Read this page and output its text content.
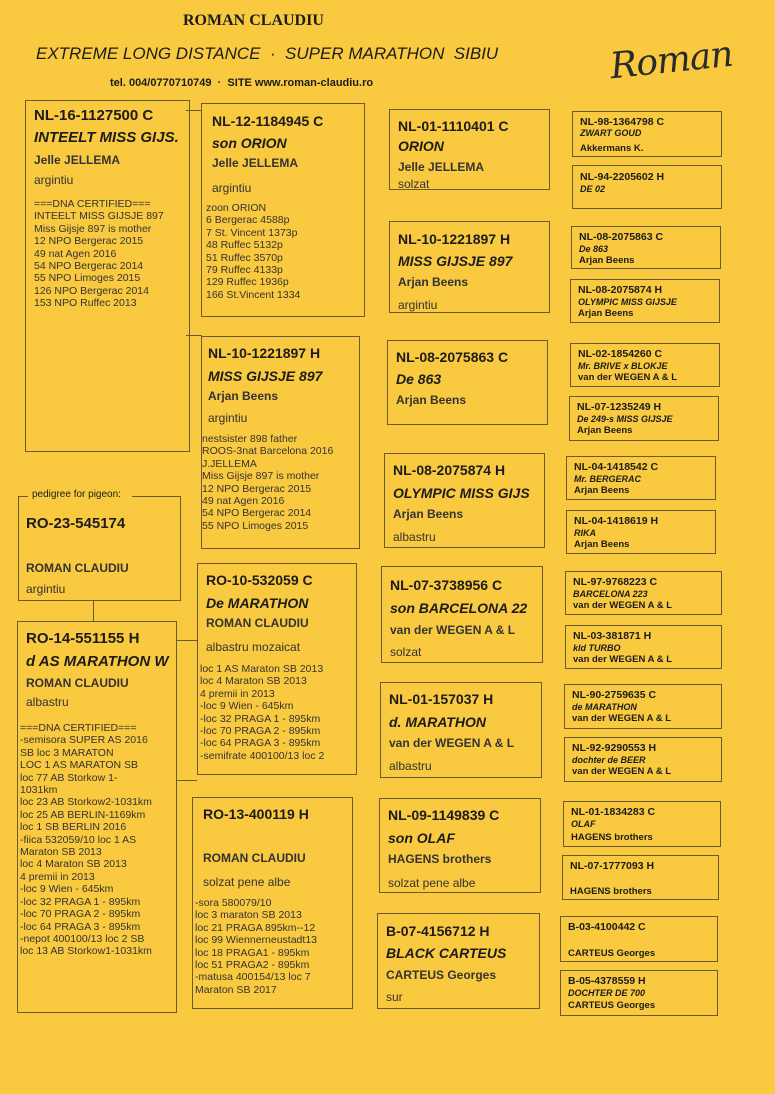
ROMAN CLAUDIU
EXTREME LONG DISTANCE  ·  SUPER MARATHON  SIBIU
tel. 004/0770710749  ·  SITE www.roman-claudiu.ro	Roman
NL-16-1127500 C
INTEELT MISS GIJS.
Jelle JELLEMA
argintiu
===DNA CERTIFIED===
INTEELT MISS GIJSJE 897
Miss Gijsje 897 is mother
12 NPO Bergerac 2015
49 nat Agen 2016
54 NPO Bergerac 2014
55 NPO Limoges 2015
126 NPO Bergerac 2014
153 NPO Ruffec 2013
pedigree for pigeon:
RO-23-545174
ROMAN CLAUDIU
argintiu
RO-14-551155 H
d AS MARATHON W
ROMAN CLAUDIU
albastru
===DNA CERTIFIED===
-semisora SUPER AS 2016
SB loc 3 MARATON
LOC 1 AS MARATON SB
loc 77 AB Storkow 1-
1031km
loc 23 AB Storkow2-1031km
loc 25 AB BERLIN-1169km
loc 1 SB BERLIN 2016
-fiica 532059/10 loc 1 AS
Maraton SB 2013
loc 4 Maraton SB 2013
4 premii in 2013
-loc 9 Wien - 645km
-loc 32 PRAGA 1 - 895km
-loc 70 PRAGA 2 - 895km
-loc 64 PRAGA 3 - 895km
-nepot 400100/13 loc 2 SB
loc 13 AB Storkow1-1031km
NL-12-1184945 C
son ORION
Jelle JELLEMA
argintiu
zoon ORION
6 Bergerac 4588p
7 St. Vincent 1373p
48 Ruffec 5132p
51 Ruffec 3570p
79 Ruffec 4133p
129 Ruffec 1936p
166 St.Vincent 1334
NL-10-1221897 H
MISS GIJSJE 897
Arjan Beens
argintiu
nestsister 898 father
ROOS-3nat Barcelona 2016
J.JELLEMA
Miss Gijsje 897 is mother
12 NPO Bergerac 2015
49 nat Agen 2016
54 NPO Bergerac 2014
55 NPO Limoges 2015
RO-10-532059 C
De MARATHON
ROMAN CLAUDIU
albastru mozaicat
loc 1 AS Maraton SB 2013
loc 4 Maraton SB 2013
4 premii in 2013
-loc 9 Wien - 645km
-loc 32 PRAGA 1 - 895km
-loc 70 PRAGA 2 - 895km
-loc 64 PRAGA 3 - 895km
-semifrate 400100/13 loc 2
RO-13-400119 H
ROMAN CLAUDIU
solzat pene albe
-sora 580079/10
loc 3 maraton SB 2013
loc 21 PRAGA 895km--12
loc 99 Wiennerneustadt13
loc 18 PRAGA1 - 895km
loc 51 PRAGA2 - 895km
-matusa 400154/13 loc 7
Maraton SB 2017
NL-01-1110401 C
ORION
Jelle JELLEMA
solzat
NL-10-1221897 H
MISS GIJSJE 897
Arjan Beens
argintiu
NL-08-2075863 C
De 863
Arjan Beens
NL-08-2075874 H
OLYMPIC MISS GIJS
Arjan Beens
albastru
NL-07-3738956 C
son BARCELONA 22
van der WEGEN A & L
solzat
NL-01-157037 H
d. MARATHON
van der WEGEN A & L
albastru
NL-09-1149839 C
son OLAF
HAGENS brothers
solzat pene albe
B-07-4156712 H
BLACK CARTEUS
CARTEUS Georges
sur
NL-98-1364798 C
ZWART GOUD
Akkermans K.
NL-94-2205602 H
DE 02
NL-08-2075863 C
De 863
Arjan Beens
NL-08-2075874 H
OLYMPIC MISS GIJSJE
Arjan Beens
NL-02-1854260 C
Mr. BRIVE x BLOKJE
van der WEGEN A & L
NL-07-1235249 H
De 249-s MISS GIJSJE
Arjan Beens
NL-04-1418542 C
Mr. BERGERAC
Arjan Beens
NL-04-1418619 H
RIKA
Arjan Beens
NL-97-9768223 C
BARCELONA 223
van der WEGEN A & L
NL-03-381871 H
kld TURBO
van der WEGEN A & L
NL-90-2759635 C
de MARATHON
van der WEGEN A & L
NL-92-9290553 H
dochter de BEER
van der WEGEN A & L
NL-01-1834283 C
OLAF
HAGENS brothers
NL-07-1777093 H
HAGENS brothers
B-03-4100442 C
CARTEUS Georges
B-05-4378559 H
DOCHTER DE 700
CARTEUS Georges
